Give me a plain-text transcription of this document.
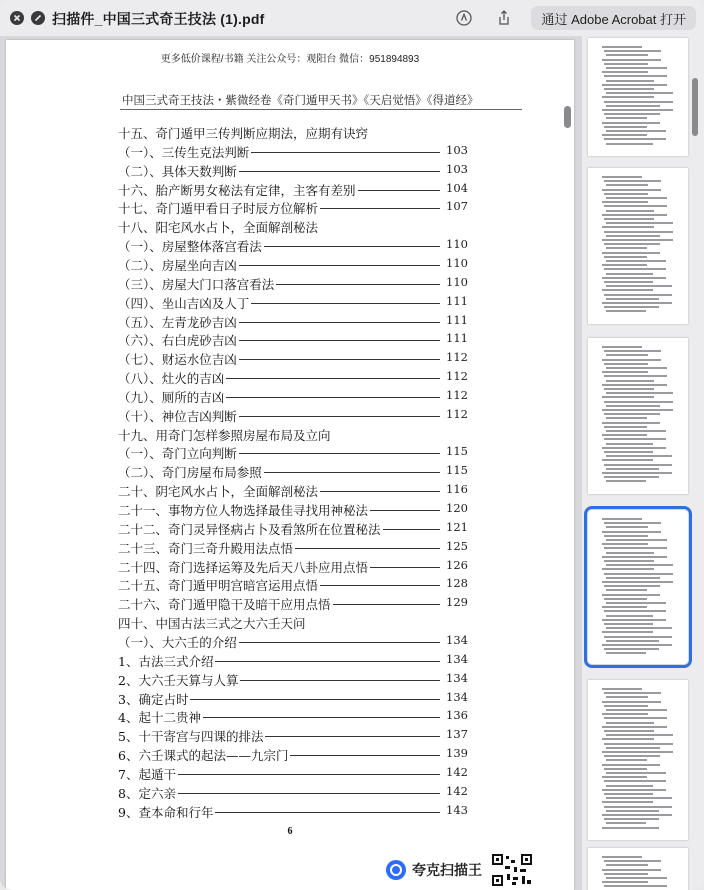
扫描件_中国三式奇王技法 (1).pdf	通过 Adobe Acrobat 打开
更多低价课程/书籍 关注公众号：观阳台 微信：951894893
中国三式奇王技法・紫微经卷《奇门遁甲天书》《天启觉悟》《得道经》
十五、奇门遁甲三传判断应期法，应期有诀窍
（一）、三传生克法判断	103
（二）、具体天数判断	103
十六、胎产断男女秘法有定律，主客有差别	104
十七、奇门遁甲看日子时辰方位解析	107
十八、阳宅风水占卜，全面解剖秘法
（一）、房屋整体落宫看法	110
（二）、房屋坐向吉凶	110
（三）、房屋大门口落宫看法	110
（四）、坐山吉凶及人丁	111
（五）、左青龙砂吉凶	111
（六）、右白虎砂吉凶	111
（七）、财运水位吉凶	112
（八）、灶火的吉凶	112
（九）、厕所的吉凶	112
（十）、神位吉凶判断	112
十九、用奇门怎样参照房屋布局及立向
（一）、奇门立向判断	115
（二）、奇门房屋布局参照	115
二十、阴宅风水占卜，全面解剖秘法	116
二十一、事物方位人物选择最佳寻找用神秘法	120
二十二、奇门灵异怪病占卜及看煞所在位置秘法	121
二十三、奇门三奇升殿用法点悟	125
二十四、奇门选择运筹及先后天八卦应用点悟	126
二十五、奇门遁甲明宫暗宫运用点悟	128
二十六、奇门遁甲隐干及暗干应用点悟	129
四十、中国古法三式之大六壬天问
（一）、大六壬的介绍	134
1、古法三式介绍	134
2、大六壬天算与人算	134
3、确定占时	134
4、起十二贵神	136
5、十干寄宫与四课的排法	137
6、六壬课式的起法——九宗门	139
7、起遁干	142
8、定六亲	142
9、查本命和行年	143
6
夸克扫描王
